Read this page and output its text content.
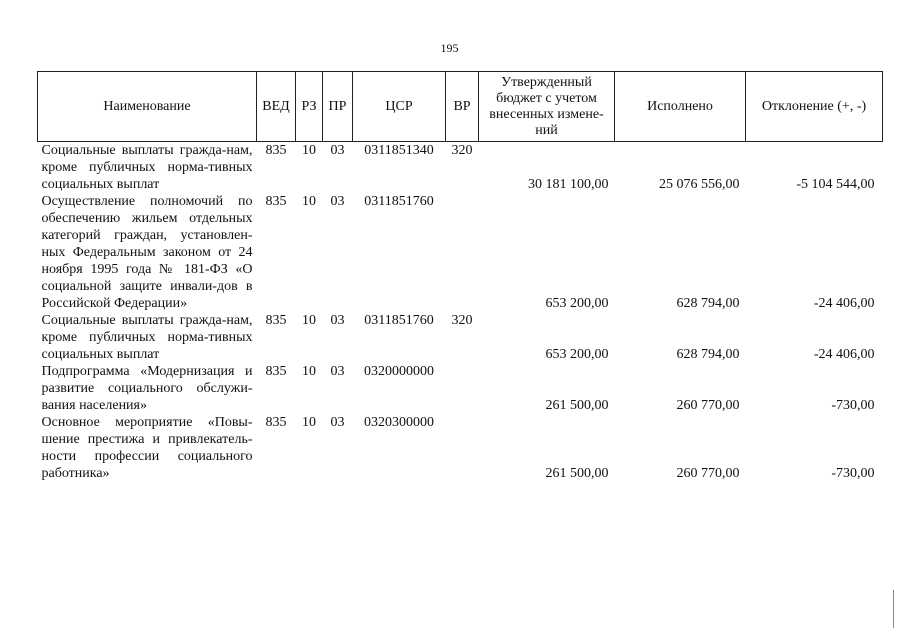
195
Наименование	ВЕД	РЗ	ПР	ЦСР	ВР	Утвержденный бюджет с учетом внесенных измене-ний	Исполнено	Отклонение (+, -)
Социальные выплаты гражда-нам, кроме публичных норма-тивных социальных выплат	835	10	03	0311851340	320	30 181 100,00	25 076 556,00	-5 104 544,00
Осуществление полномочий по обеспечению жильем отдельных категорий граждан, установлен-ных Федеральным законом от 24 ноября 1995 года № 181-ФЗ «О социальной защите инвали-дов в Российской Федерации»	835	10	03	0311851760		653 200,00	628 794,00	-24 406,00
Социальные выплаты гражда-нам, кроме публичных норма-тивных социальных выплат	835	10	03	0311851760	320	653 200,00	628 794,00	-24 406,00
Подпрограмма «Модернизация и развитие социального обслужи-вания населения»	835	10	03	0320000000		261 500,00	260 770,00	-730,00
Основное мероприятие «Повы-шение престижа и привлекатель-ности профессии социального работника»	835	10	03	0320300000		261 500,00	260 770,00	-730,00
